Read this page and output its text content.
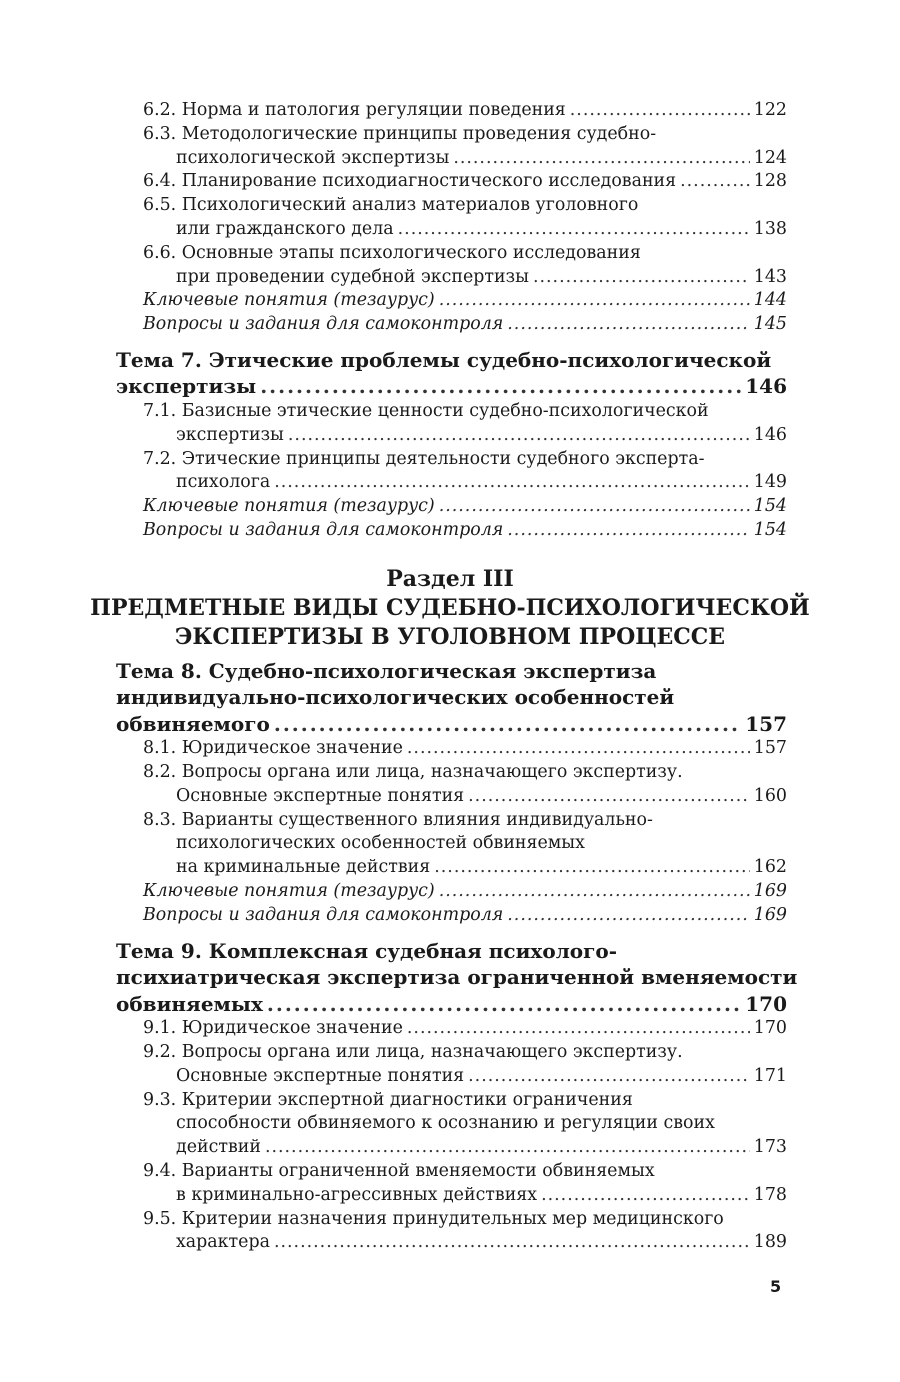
6.2. Норма и патология регуляции поведения .....	122
6.3. Методологические принципы проведения судебно-
психологической экспертизы .....	124
6.4. Планирование психодиагностического исследования .....	128
6.5. Психологический анализ материалов уголовного
или гражданского дела .....	138
6.6. Основные этапы психологического исследования
при проведении судебной экспертизы .....	143
Ключевые понятия (тезаурус) .....	144
Вопросы и задания для самоконтроля .....	145
Тема 7. Этические проблемы судебно-психологической
экспертизы .....	146
7.1. Базисные этические ценности судебно-психологической
экспертизы .....	146
7.2. Этические принципы деятельности судебного эксперта-
психолога .....	149
Ключевые понятия (тезаурус) .....	154
Вопросы и задания для самоконтроля .....	154
Раздел III
ПРЕДМЕТНЫЕ ВИДЫ СУДЕБНО-ПСИХОЛОГИЧЕСКОЙ
ЭКСПЕРТИЗЫ В УГОЛОВНОМ ПРОЦЕССЕ
Тема 8. Судебно-психологическая экспертиза
индивидуально-психологических особенностей
обвиняемого .....	157
8.1. Юридическое значение .....	157
8.2. Вопросы органа или лица, назначающего экспертизу.
Основные экспертные понятия .....	160
8.3. Варианты существенного влияния индивидуально-
психологических особенностей обвиняемых
на криминальные действия .....	162
Ключевые понятия (тезаурус) .....	169
Вопросы и задания для самоконтроля .....	169
Тема 9. Комплексная судебная психолого-
психиатрическая экспертиза ограниченной вменяемости
обвиняемых .....	170
9.1. Юридическое значение .....	170
9.2. Вопросы органа или лица, назначающего экспертизу.
Основные экспертные понятия .....	171
9.3. Критерии экспертной диагностики ограничения
способности обвиняемого к осознанию и регуляции своих
действий .....	173
9.4. Варианты ограниченной вменяемости обвиняемых
в криминально-агрессивных действиях .....	178
9.5. Критерии назначения принудительных мер медицинского
характера .....	189
5
